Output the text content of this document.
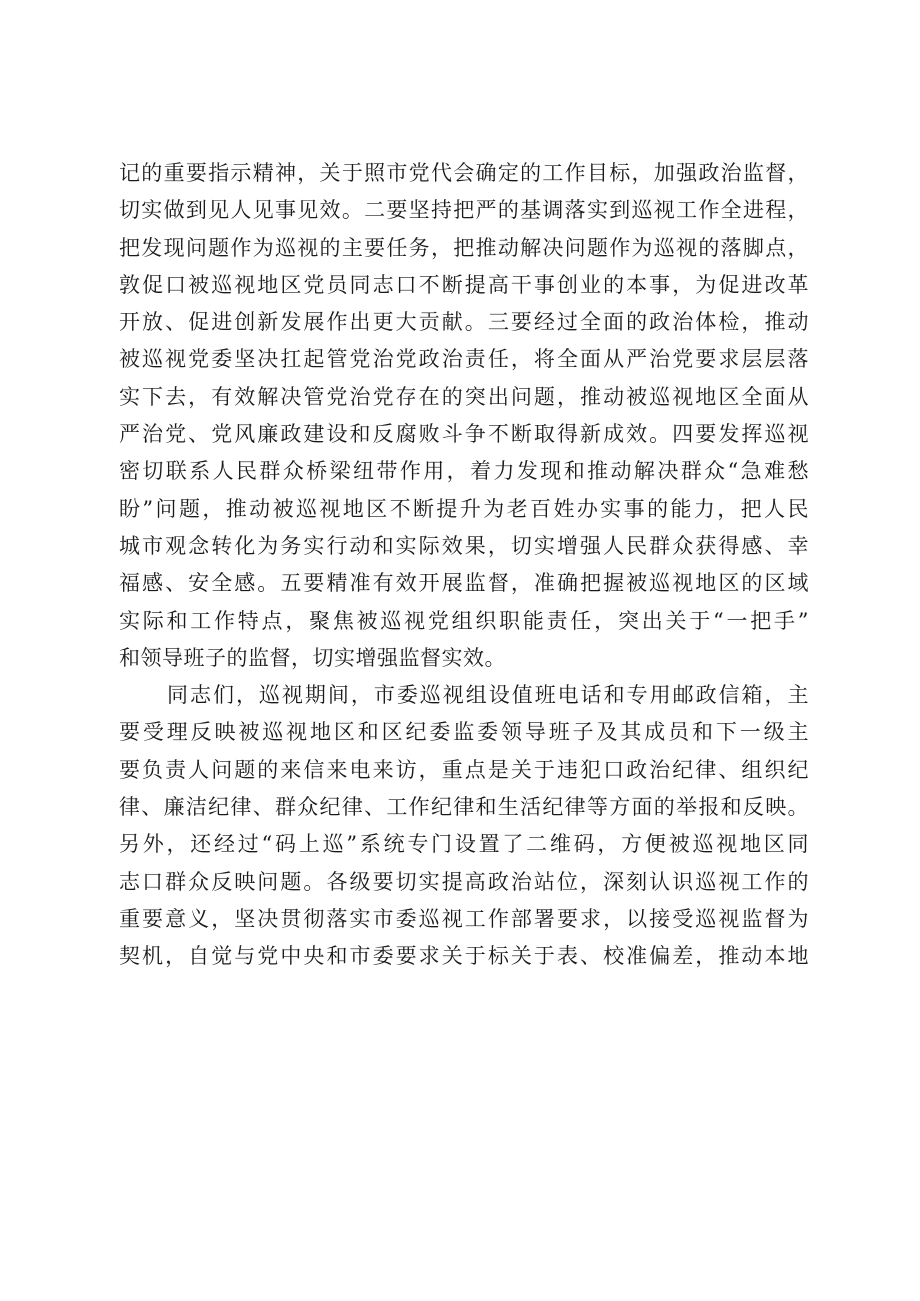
记的重要指示精神，关于照市党代会确定的工作目标，加强政治监督，
切实做到见人见事见效。二要坚持把严的基调落实到巡视工作全进程，
把发现问题作为巡视的主要任务，把推动解决问题作为巡视的落脚点，
敦促口被巡视地区党员同志口不断提高干事创业的本事，为促进改革
开放、促进创新发展作出更大贡献。三要经过全面的政治体检，推动
被巡视党委坚决扛起管党治党政治责任，将全面从严治党要求层层落
实下去，有效解决管党治党存在的突出问题，推动被巡视地区全面从
严治党、党风廉政建设和反腐败斗争不断取得新成效。四要发挥巡视
密切联系人民群众桥梁纽带作用，着力发现和推动解决群众“急难愁
盼”问题，推动被巡视地区不断提升为老百姓办实事的能力，把人民
城市观念转化为务实行动和实际效果，切实增强人民群众获得感、幸
福感、安全感。五要精准有效开展监督，准确把握被巡视地区的区域
实际和工作特点，聚焦被巡视党组织职能责任，突出关于“一把手”
和领导班子的监督，切实增强监督实效。
同志们，巡视期间，市委巡视组设值班电话和专用邮政信箱，主
要受理反映被巡视地区和区纪委监委领导班子及其成员和下一级主
要负责人问题的来信来电来访，重点是关于违犯口政治纪律、组织纪
律、廉洁纪律、群众纪律、工作纪律和生活纪律等方面的举报和反映。
另外，还经过“码上巡”系统专门设置了二维码，方便被巡视地区同
志口群众反映问题。各级要切实提高政治站位，深刻认识巡视工作的
重要意义，坚决贯彻落实市委巡视工作部署要求，以接受巡视监督为
契机，自觉与党中央和市委要求关于标关于表、校准偏差，推动本地
